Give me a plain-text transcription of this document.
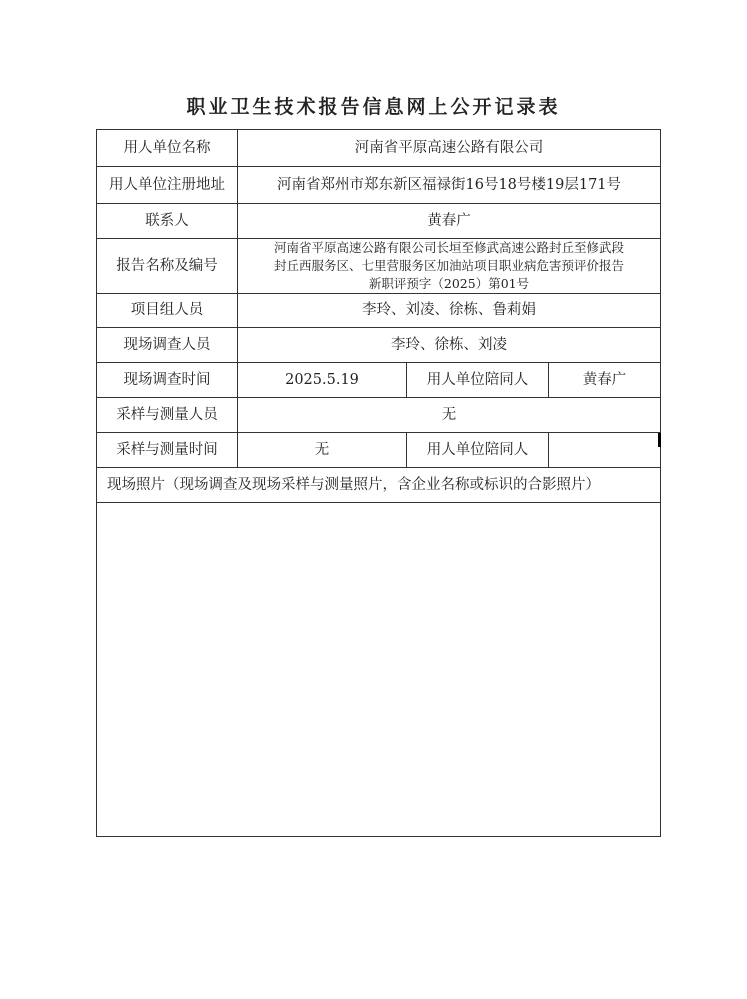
职业卫生技术报告信息网上公开记录表
用人单位名称	河南省平原高速公路有限公司		
用人单位注册地址	河南省郑州市郑东新区福禄街16号18号楼19层171号		
联系人	黄春广		
报告名称及编号	河南省平原高速公路有限公司长垣至修武高速公路封丘至修武段
封丘西服务区、七里营服务区加油站项目职业病危害预评价报告
新职评预字（2025）第01号		

项目组人员	李玲、刘凌、徐栋、鲁莉娟		
现场调查人员	李玲、徐栋、刘凌		
现场调查时间	2025.5.19	用人单位陪同人	黄春广
采样与测量人员	无		
采样与测量时间	无	用人单位陪同人	
现场照片（现场调查及现场采样与测量照片，含企业名称或标识的合影照片）			
